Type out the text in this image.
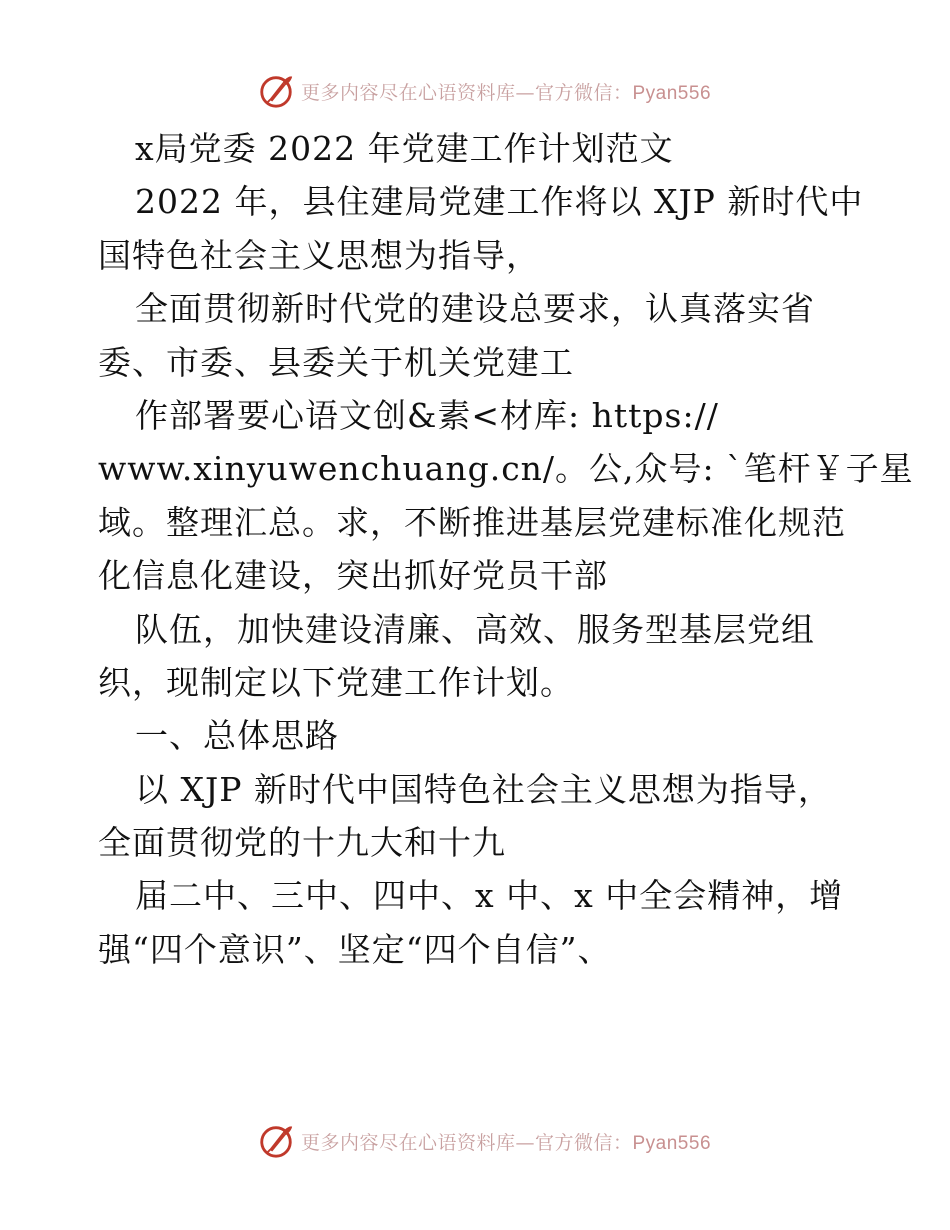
更多内容尽在心语资料库—官方微信：Pyan556
x局党委 2022 年党建工作计划范文
2022 年，县住建局党建工作将以 XJP 新时代中
国特色社会主义思想为指导，
全面贯彻新时代党的建设总要求，认真落实省
委、市委、县委关于机关党建工
作部署要心语文创&素<材库: https://
www.xinyuwenchuang.cn/。公,众号: `笔杆￥子星
域。整理汇总。求，不断推进基层党建标准化规范
化信息化建设，突出抓好党员干部
队伍，加快建设清廉、高效、服务型基层党组
织，现制定以下党建工作计划。
一、总体思路
以 XJP 新时代中国特色社会主义思想为指导，
全面贯彻党的十九大和十九
届二中、三中、四中、x 中、x 中全会精神，增
强“四个意识”、坚定“四个自信”、
更多内容尽在心语资料库—官方微信：Pyan556
